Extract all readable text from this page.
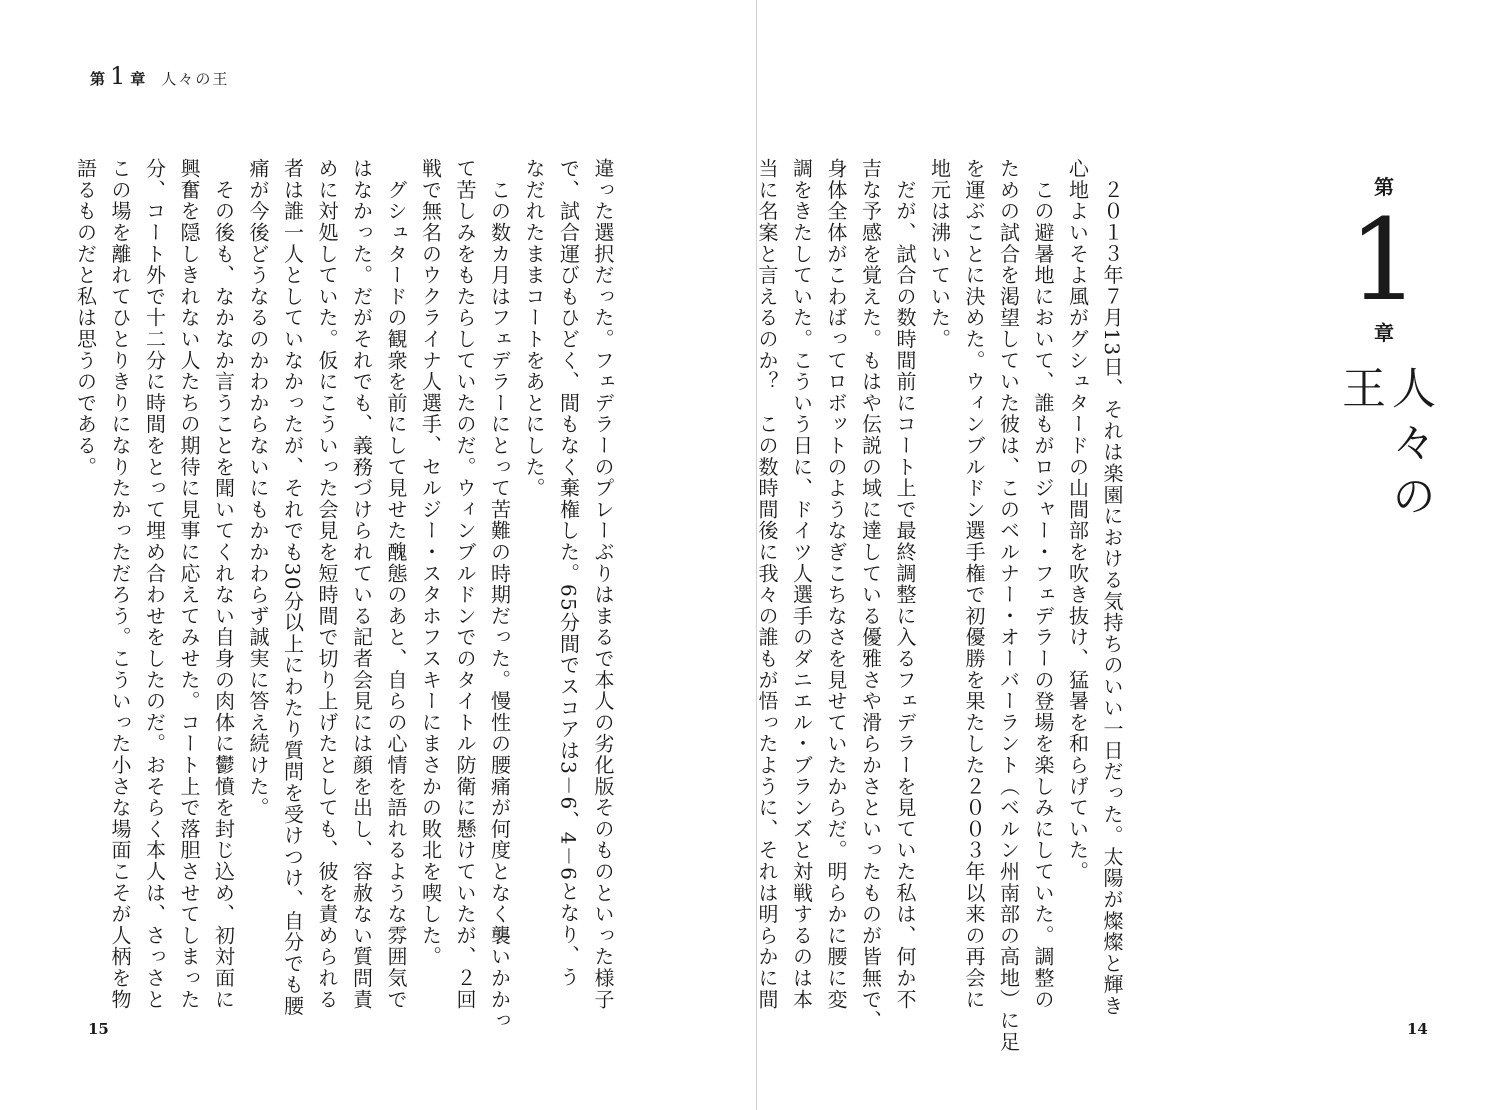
第 1 章 人々の王
違った選択だった。フェデラーのプレーぶりはまるで本人の劣化版そのものといった様子
で、試合運びもひどく、間もなく棄権した。65分間でスコアは3－6、4－6となり、う
なだれたままコートをあとにした。
　この数カ月はフェデラーにとって苦難の時期だった。慢性の腰痛が何度となく襲いかかっ
て苦しみをもたらしていたのだ。ウィンブルドンでのタイトル防衛に懸けていたが、２回
戦で無名のウクライナ人選手、セルジー・スタホフスキーにまさかの敗北を喫した。
　グシュタードの観衆を前にして見せた醜態のあと、自らの心情を語れるような雰囲気で
はなかった。だがそれでも、義務づけられている記者会見には顔を出し、容赦ない質問責
めに対処していた。仮にこういった会見を短時間で切り上げたとしても、彼を責められる
者は誰一人としていなかったが、それでも30分以上にわたり質問を受けつけ、自分でも腰
痛が今後どうなるのかわからないにもかかわらず誠実に答え続けた。
　その後も、なかなか言うことを聞いてくれない自身の肉体に鬱憤を封じ込め、初対面に
興奮を隠しきれない人たちの期待に見事に応えてみせた。コート上で落胆させてしまった
分、コート外で十二分に時間をとって埋め合わせをしたのだ。おそらく本人は、さっさと
この場を離れてひとりきりになりたかっただろう。こういった小さな場面こそが人柄を物
語るものだと私は思うのである。
15
　２０１３年７月13日、それは楽園における気持ちのいい一日だった。太陽が燦燦と輝き
心地よいそよ風がグシュタードの山間部を吹き抜け、猛暑を和らげていた。
　この避暑地において、誰もがロジャー・フェデラーの登場を楽しみにしていた。調整の
ための試合を渇望していた彼は、このベルナー・オーバーラント（ベルン州南部の高地）に足
を運ぶことに決めた。ウィンブルドン選手権で初優勝を果たした２００３年以来の再会に
地元は沸いていた。
　だが、試合の数時間前にコート上で最終調整に入るフェデラーを見ていた私は、何か不
吉な予感を覚えた。もはや伝説の域に達している優雅さや滑らかさといったものが皆無で、
身体全体がこわばってロボットのようなぎこちなさを見せていたからだ。明らかに腰に変
調をきたしていた。こういう日に、ドイツ人選手のダニエル・ブランズと対戦するのは本
当に名案と言えるのか？　この数時間後に我々の誰もが悟ったように、それは明らかに間	第
1
章
人々の王
14
